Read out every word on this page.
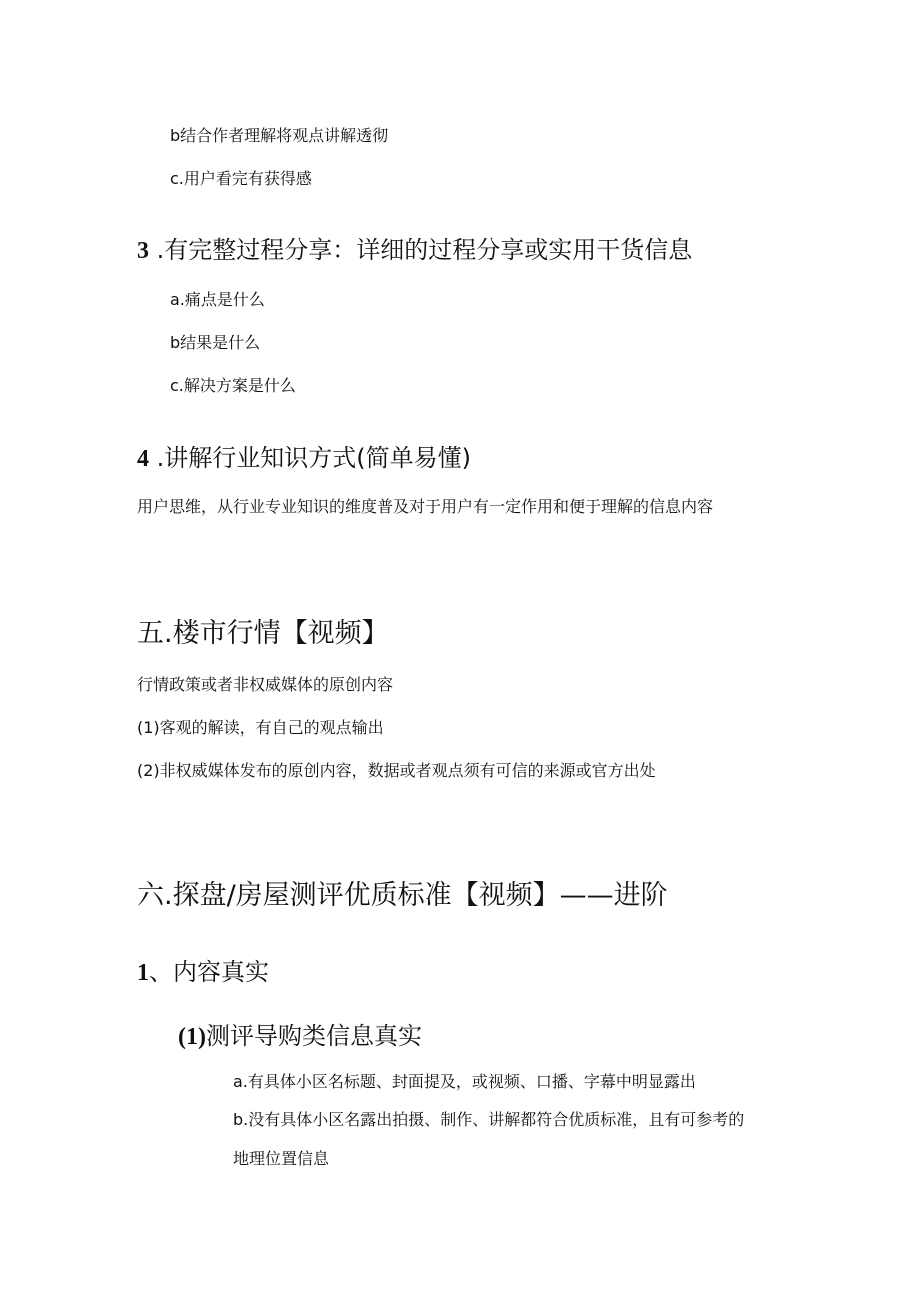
b结合作者理解将观点讲解透彻
c.用户看完有获得感
3 .有完整过程分享：详细的过程分享或实用干货信息
a.痛点是什么
b结果是什么
c.解决方案是什么
4 .讲解行业知识方式(简单易懂)
用户思维，从行业专业知识的维度普及对于用户有一定作用和便于理解的信息内容
五.楼市行情【视频】
行情政策或者非权威媒体的原创内容
(1)客观的解读，有自己的观点输出
(2)非权威媒体发布的原创内容，数据或者观点须有可信的来源或官方出处
六.探盘/房屋测评优质标准【视频】——进阶
1、内容真实
(1)测评导购类信息真实
a.有具体小区名标题、封面提及，或视频、口播、字幕中明显露出
b.没有具体小区名露出拍摄、制作、讲解都符合优质标准，且有可参考的
地理位置信息
